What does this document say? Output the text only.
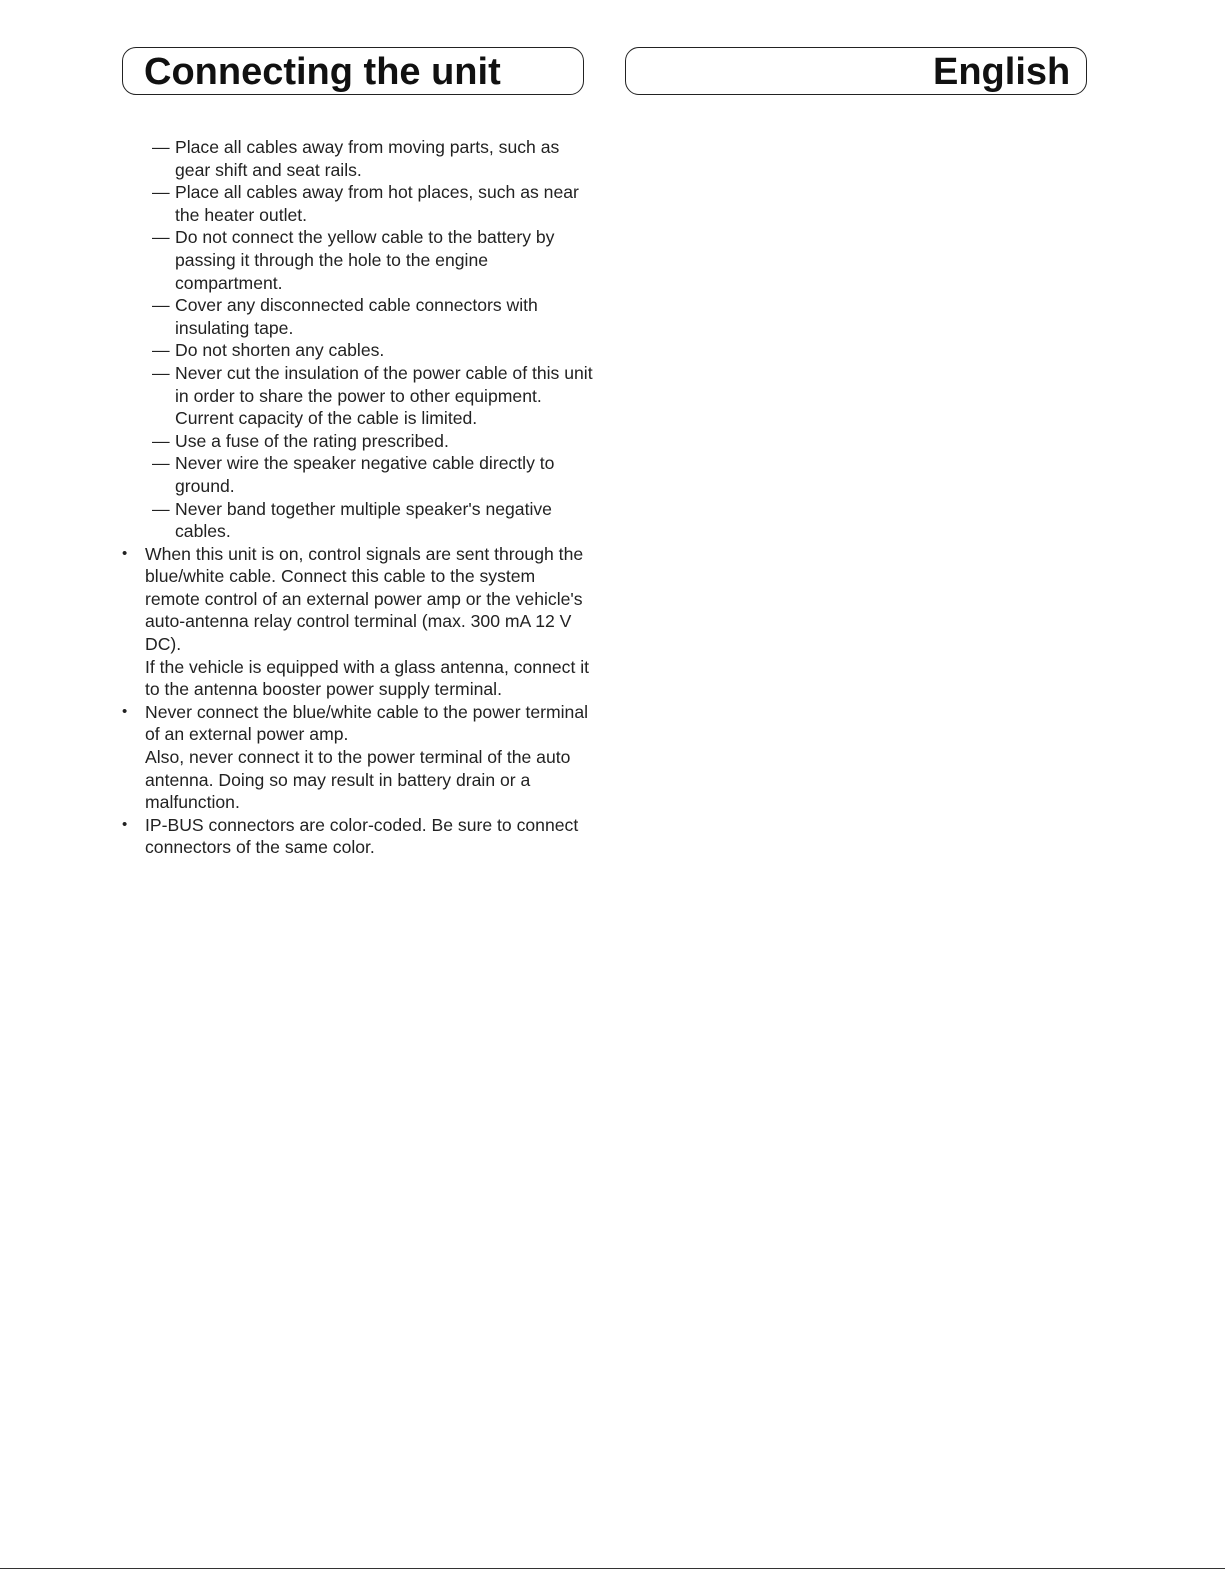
Connecting the unit	English
— Place all cables away from moving parts, such as gear shift and seat rails.
— Place all cables away from hot places, such as near the heater outlet.
— Do not connect the yellow cable to the battery by passing it through the hole to the engine compartment.
— Cover any disconnected cable connectors with insulating tape.
— Do not shorten any cables.
— Never cut the insulation of the power cable of this unit in order to share the power to other equipment. Current capacity of the cable is limited.
— Use a fuse of the rating prescribed.
— Never wire the speaker negative cable directly to ground.
— Never band together multiple speaker's negative cables.
• When this unit is on, control signals are sent through the blue/white cable. Connect this cable to the system remote control of an external power amp or the vehicle's auto-antenna relay control terminal (max. 300 mA 12 V DC).

If the vehicle is equipped with a glass antenna, connect it to the antenna booster power supply terminal.

• Never connect the blue/white cable to the power terminal of an external power amp.

Also, never connect it to the power terminal of the auto antenna. Doing so may result in battery drain or a malfunction.

• IP-BUS connectors are color-coded. Be sure to connect connectors of the same color.
